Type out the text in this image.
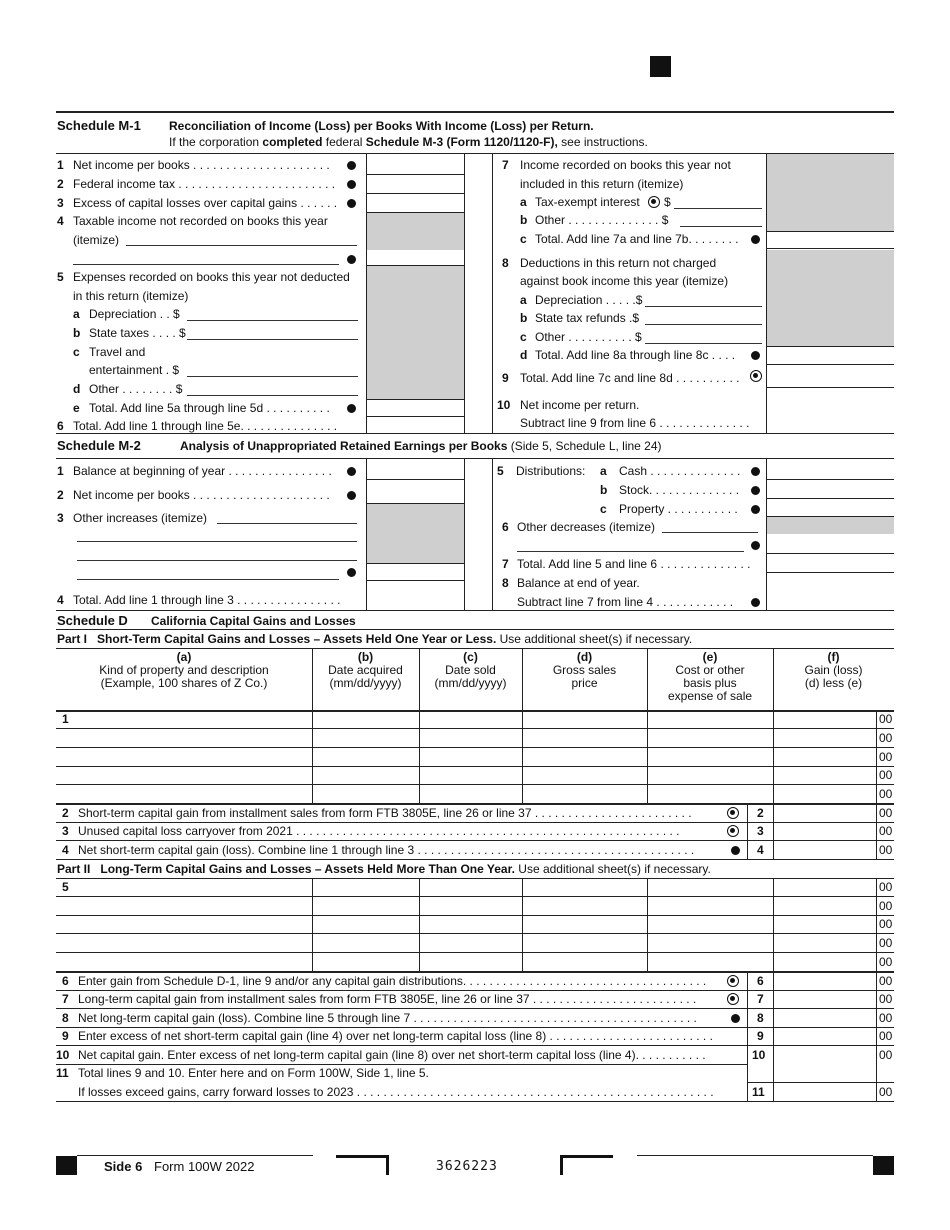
Schedule M-1 Reconciliation of Income (Loss) per Books With Income (Loss) per Return.
If the corporation completed federal Schedule M-3 (Form 1120/1120-F), see instructions.
1 Net income per books . . . . . . . . . . . . . . . . . . . . .
2 Federal income tax . . . . . . . . . . . . . . . . . . . . . . . .
3 Excess of capital losses over capital gains . . . . . .
4 Taxable income not recorded on books this year
(itemize)
5 Expenses recorded on books this year not deducted
in this return (itemize)
a Depreciation . . $
b State taxes . . . . $
c Travel and
entertainment . $
d Other . . . . . . . . $
e Total. Add line 5a through line 5d . . . . . . . . . .
6 Total. Add line 1 through line 5e. . . . . . . . . . . . . . .
7 Income recorded on books this year not
included in this return (itemize)
a Tax-exempt interest $
b Other . . . . . . . . . . . . . . $
c Total. Add line 7a and line 7b. . . . . . . .
8 Deductions in this return not charged
against book income this year (itemize)
a Depreciation . . . . .$
b State tax refunds .$
c Other . . . . . . . . . . $
d Total. Add line 8a through line 8c . . . .
9 Total. Add line 7c and line 8d . . . . . . . . . .
10 Net income per return.
Subtract line 9 from line 6 . . . . . . . . . . . . . .
Schedule M-2	Analysis of Unappropriated Retained Earnings per Books (Side 5, Schedule L, line 24)
1 Balance at beginning of year . . . . . . . . . . . . . . . .
2 Net income per books . . . . . . . . . . . . . . . . . . . . .
3 Other increases (itemize)
4 Total. Add line 1 through line 3 . . . . . . . . . . . . . . . .
5 Distributions: a Cash . . . . . . . . . . . . . .
b Stock. . . . . . . . . . . . . .
c Property . . . . . . . . . . .
6 Other decreases (itemize)
7 Total. Add line 5 and line 6 . . . . . . . . . . . . . .
8 Balance at end of year.
Subtract line 7 from line 4 . . . . . . . . . . . .
Schedule D California Capital Gains and Losses
Part I Short-Term Capital Gains and Losses – Assets Held One Year or Less. Use additional sheet(s) if necessary.
(a)
Kind of property and description
(Example, 100 shares of Z Co.)
(b)
Date acquired
(mm/dd/yyyy)
(c)
Date sold
(mm/dd/yyyy)
(d)
Gross sales
price
(e)
Cost or other
basis plus
expense of sale
(f)
Gain (loss)
(d) less (e)
1	00
00
00
00
00
2 Short-term capital gain from installment sales from form FTB 3805E, line 26 or line 37 . . . . . . . . . . . . . . . . . . . . . . . .	2	00
3 Unused capital loss carryover from 2021 . . . . . . . . . . . . . . . . . . . . . . . . . . . . . . . . . . . . . . . . . . . . . . . . . . . . . . . . . .	3	00
4 Net short-term capital gain (loss). Combine line 1 through line 3 . . . . . . . . . . . . . . . . . . . . . . . . . . . . . . . . . . . . . . . . . .	4	00
Part II Long-Term Capital Gains and Losses – Assets Held More Than One Year. Use additional sheet(s) if necessary.
5	00
00
00
00
00
6 Enter gain from Schedule D-1, line 9 and/or any capital gain distributions. . . . . . . . . . . . . . . . . . . . . . . . . . . . . . . . . . . . .	6	00
7 Long-term capital gain from installment sales from form FTB 3805E, line 26 or line 37 . . . . . . . . . . . . . . . . . . . . . . . . .	7	00
8 Net long-term capital gain (loss). Combine line 5 through line 7 . . . . . . . . . . . . . . . . . . . . . . . . . . . . . . . . . . . . . . . . . . .	8	00
9 Enter excess of net short-term capital gain (line 4) over net long-term capital loss (line 8) . . . . . . . . . . . . . . . . . . . . . . . . .	9	00
10 Net capital gain. Enter excess of net long-term capital gain (line 8) over net short-term capital loss (line 4). . . . . . . . . . .	10	00
11 Total lines 9 and 10. Enter here and on Form 100W, Side 1, line 5.
If losses exceed gains, carry forward losses to 2023 . . . . . . . . . . . . . . . . . . . . . . . . . . . . . . . . . . . . . . . . . . . . . . . . . . . . . .	11	00
Side 6 Form 100W 2022	3626223
